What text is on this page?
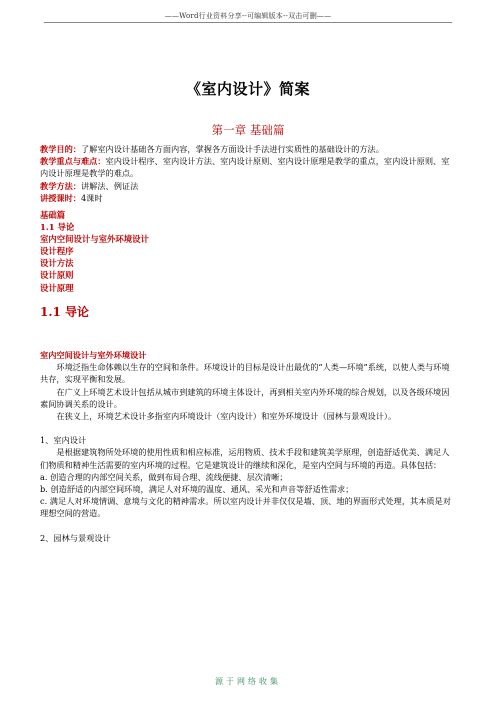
——Word行业资料分享--可编辑版本--双击可删——
《室内设计》简案
第一章 基础篇

教学目的：了解室内设计基础各方面内容，掌握各方面设计手法进行实质性的基础设计的方法。

教学重点与难点：室内设计程序、室内设计方法、室内设计原则、室内设计原理是教学的重点，室内设计原则、室内设计原理是教学的难点。

教学方法：讲解法、例证法

讲授课时：4课时

基础篇
1.1 导论
室内空间设计与室外环境设计
设计程序
设计方法
设计原则
设计原理
1.1 导论

室内空间设计与室外环境设计

环境泛指生命体赖以生存的空间和条件。环境设计的目标是设计出最优的“人类—环境”系统，以使人类与环境共存，实现平衡和发展。

在广义上环境艺术设计包括从城市到建筑的环境主体设计，再到相关室内外环境的综合规划，以及各级环境因素间协调关系的设计。

在狭义上，环境艺术设计多指室内环境设计（室内设计）和室外环境设计（园林与景观设计）。

1、室内设计

是根据建筑物所处环境的使用性质和相应标准，运用物质、技术手段和建筑美学原理，创造舒适优美、满足人们物质和精神生活需要的室内环境的过程。它是建筑设计的继续和深化，是室内空间与环境的再造。具体包括：

a. 创造合理的内部空间关系，做到布局合理、流线便捷、层次清晰；

b. 创造舒适的内部空间环境，满足人对环境的温度、通风、采光和声音等舒适性需求；

c. 满足人对环境情调、意境与文化的精神需求。所以室内设计并非仅仅是墙、顶、地的界面形式处理，其本质是对理想空间的营造。

2、园林与景观设计

源于网络收集
